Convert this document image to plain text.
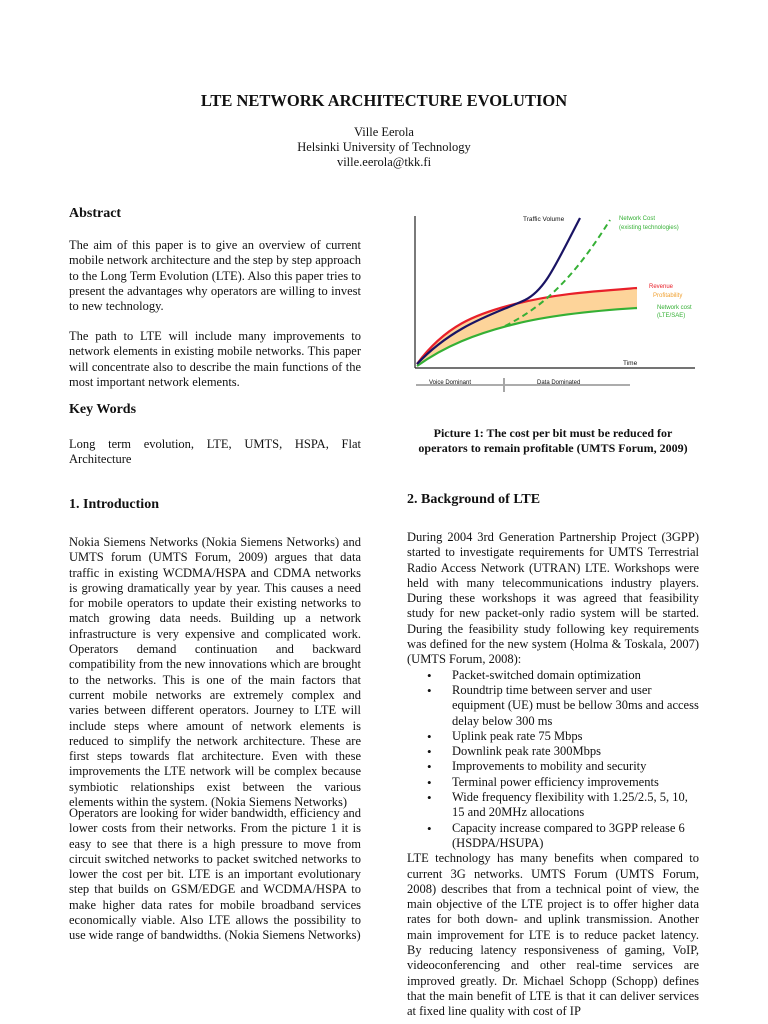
LTE NETWORK ARCHITECTURE EVOLUTION
Ville Eerola
Helsinki University of Technology
ville.eerola@tkk.fi
Abstract

The aim of this paper is to give an overview of current mobile network architecture and the step by step approach to the Long Term Evolution (LTE). Also this paper tries to present the advantages why operators are willing to invest to new technology.

The path to LTE will include many improvements to network elements in existing mobile networks. This paper will concentrate also to describe the main functions of the most important network elements.

Key Words

Long term evolution, LTE, UMTS, HSPA, Flat Architecture

1. Introduction

Nokia Siemens Networks (Nokia Siemens Networks) and UMTS forum (UMTS Forum, 2009) argues that data traffic in existing WCDMA/HSPA and CDMA networks is growing dramatically year by year. This causes a need for mobile operators to update their existing networks to match growing data needs. Building up a network infrastructure is very expensive and complicated work. Operators demand continuation and backward compatibility from the new innovations which are brought to the networks. This is one of the main factors that current mobile networks are extremely complex and varies between different operators. Journey to LTE will include steps where amount of network elements is reduced to simplify the network architecture. These are first steps towards flat architecture. Even with these improvements the LTE network will be complex because symbiotic relationships exist between the various elements within the system. (Nokia Siemens Networks)

Operators are looking for wider bandwidth, efficiency and lower costs from their networks. From the picture 1 it is easy to see that there is a high pressure to move from circuit switched networks to packet switched networks to lower the cost per bit. LTE is an important evolutionary step that builds on GSM/EDGE and WCDMA/HSPA to make higher data rates for mobile broadband services economically viable. Also LTE allows the possibility to use wide range of bandwidths. (Nokia Siemens Networks)

Traffic Volume	Network Cost
(existing technologies)
Revenue
Profitability
Network cost
(LTE/SAE)
Time
Voice Dominant	Data Dominated
Picture 1: The cost per bit must be reduced for
operators to remain profitable (UMTS Forum, 2009)
2. Background of LTE

During 2004 3rd Generation Partnership Project (3GPP) started to investigate requirements for UMTS Terrestrial Radio Access Network (UTRAN) LTE. Workshops were held with many telecommunications industry players. During these workshops it was agreed that feasibility study for new packet-only radio system will be started. During the feasibility study following key requirements was defined for the new system (Holma & Toskala, 2007) (UMTS Forum, 2008):

• Packet-switched domain optimization
• Roundtrip time between server and user equipment (UE) must be bellow 30ms and access delay below 300 ms
• Uplink peak rate 75 Mbps
• Downlink peak rate 300Mbps
• Improvements to mobility and security
• Terminal power efficiency improvements
• Wide frequency flexibility with 1.25/2.5, 5, 10, 15 and 20MHz allocations
• Capacity increase compared to 3GPP release 6 (HSDPA/HSUPA)

LTE technology has many benefits when compared to current 3G networks. UMTS Forum (UMTS Forum, 2008) describes that from a technical point of view, the main objective of the LTE project is to offer higher data rates for both down- and uplink transmission. Another main improvement for LTE is to reduce packet latency. By reducing latency responsiveness of gaming, VoIP, videoconferencing and other real-time services are improved greatly. Dr. Michael Schopp (Schopp) defines that the main benefit of LTE is that it can deliver services at fixed line quality with cost of IP
